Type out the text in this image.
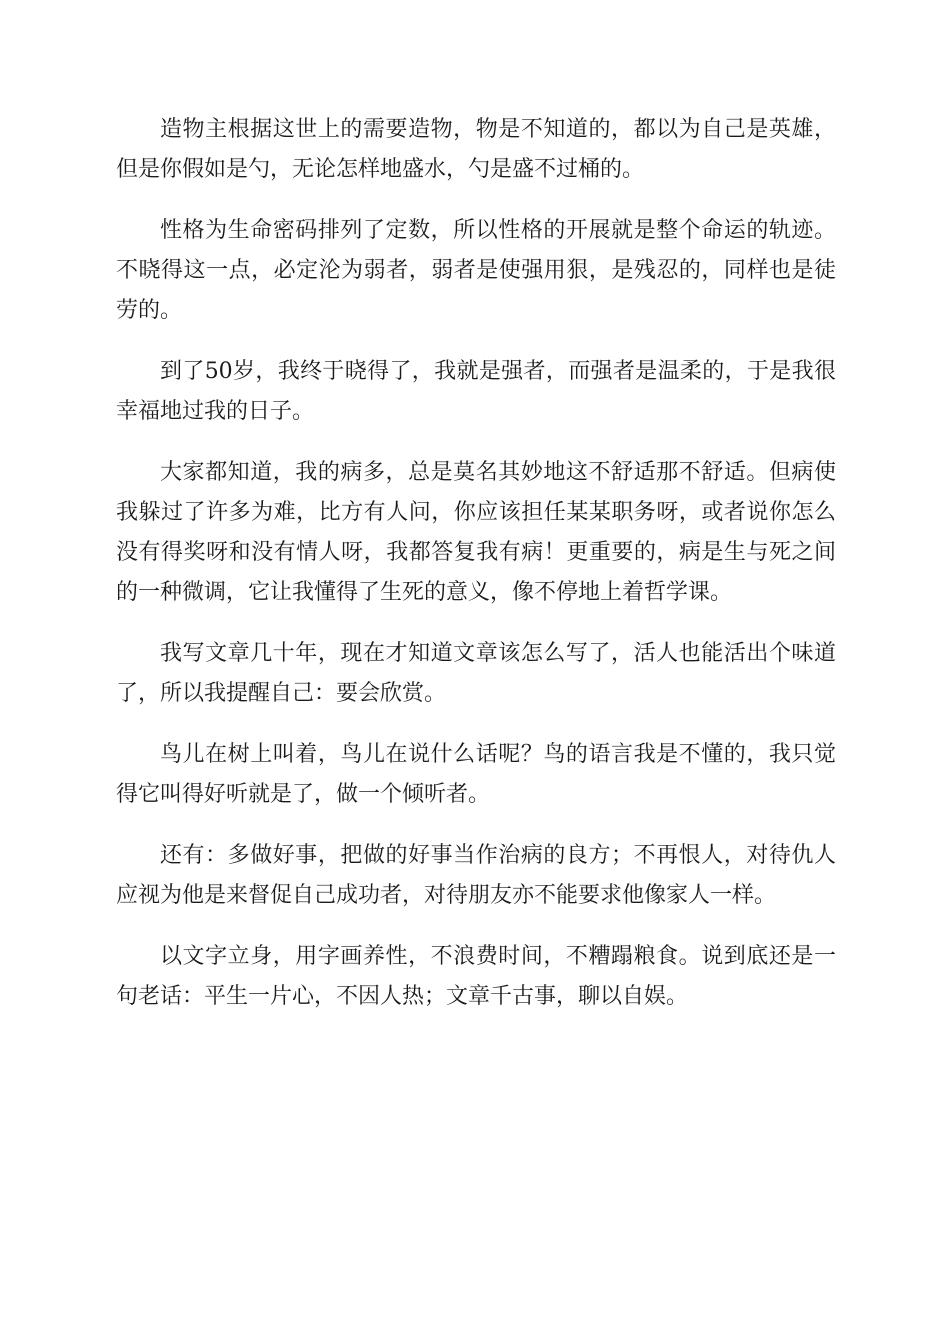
造物主根据这世上的需要造物，物是不知道的，都以为自己是英雄，但是你假如是勺，无论怎样地盛水，勺是盛不过桶的。

性格为生命密码排列了定数，所以性格的开展就是整个命运的轨迹。不晓得这一点，必定沦为弱者，弱者是使强用狠，是残忍的，同样也是徒劳的。

到了50岁，我终于晓得了，我就是强者，而强者是温柔的，于是我很幸福地过我的日子。

大家都知道，我的病多，总是莫名其妙地这不舒适那不舒适。但病使我躲过了许多为难，比方有人问，你应该担任某某职务呀，或者说你怎么没有得奖呀和没有情人呀，我都答复我有病！更重要的，病是生与死之间的一种微调，它让我懂得了生死的意义，像不停地上着哲学课。

我写文章几十年，现在才知道文章该怎么写了，活人也能活出个味道了，所以我提醒自己：要会欣赏。

鸟儿在树上叫着，鸟儿在说什么话呢？鸟的语言我是不懂的，我只觉得它叫得好听就是了，做一个倾听者。

还有：多做好事，把做的好事当作治病的良方；不再恨人，对待仇人应视为他是来督促自己成功者，对待朋友亦不能要求他像家人一样。

以文字立身，用字画养性，不浪费时间，不糟蹋粮食。说到底还是一句老话：平生一片心，不因人热；文章千古事，聊以自娱。
